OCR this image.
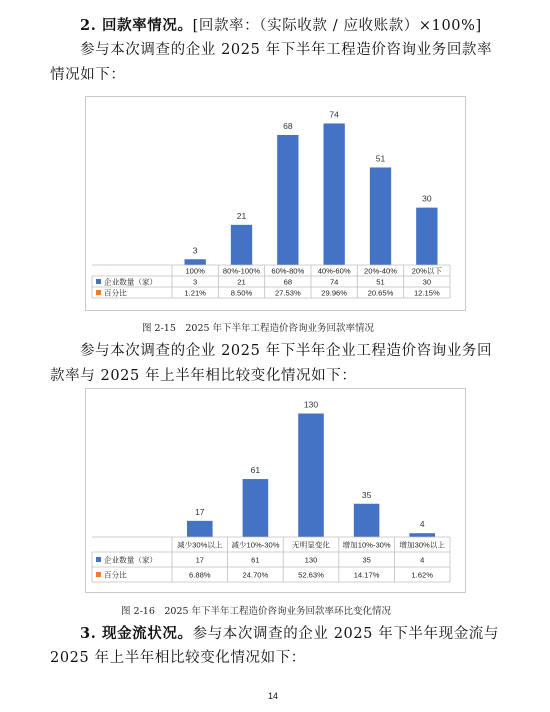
2. 回款率情况。[回款率：（实际收款 / 应收账款）×100%]
参与本次调查的企业 2025 年下半年工程造价咨询业务回款率
情况如下：
3
21
68
74
51
30
100%
3
1.21%
80%-100%
21
8.50%
60%-80%
68
27.53%
40%-60%
74
29.96%
20%-40%
51
20.65%
20%以下
30
12.15%
企业数量（家）
百分比
图 2-15　2025 年下半年工程造价咨询业务回款率情况
参与本次调查的企业 2025 年下半年企业工程造价咨询业务回
款率与 2025 年上半年相比较变化情况如下：
17
61
130
35
4
减少30%以上
17
6.88%
减少10%-30%
61
24.70%
无明显变化
130
52.63%
增加10%-30%
35
14.17%
增加30%以上
4
1.62%
企业数量（家）
百分比
图 2-16　2025 年下半年工程造价咨询业务回款率环比变化情况
3. 现金流状况。参与本次调查的企业 2025 年下半年现金流与
2025 年上半年相比较变化情况如下：
14
